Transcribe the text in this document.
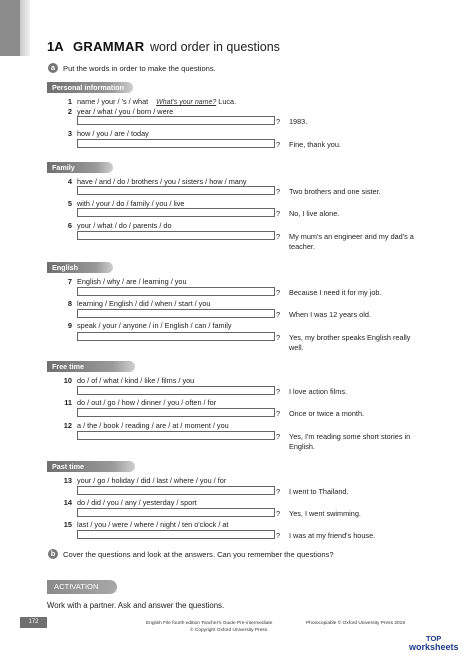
1A GRAMMAR word order in questions
a	Put the words in order to make the questions.
Personal information
1 name / your / 's / what What's your name? Luca.
2 year / what / you / born / were
? 1983.
3 how / you / are / today
? Fine, thank you.
Family
4 have / and / do / brothers / you / sisters / how / many
? Two brothers and one sister.
5 with / your / do / family / you / live
? No, I live alone.
6 your / what / do / parents / do
? My mum's an engineer and my dad's a teacher.
English
7 English / why / are / learning / you
? Because I need it for my job.
8 learning / English / did / when / start / you
? When I was 12 years old.
9 speak / your / anyone / in / English / can / family
? Yes, my brother speaks English really well.
Free time
10 do / of / what / kind / like / films / you
? I love action films.
11 do / out / go / how / dinner / you / often / for
? Once or twice a month.
12 a / the / book / reading / are / at / moment / you
? Yes, I'm reading some short stories in English.
Past time
13 your / go / holiday / did / last / where / you / for
? I went to Thailand.
14 do / did / you / any / yesterday / sport
? Yes, I went swimming.
15 last / you / were / where / night / ten o'clock / at
? I was at my friend's house.
b	Cover the questions and look at the answers. Can you remember the questions?
ACTIVATION
Work with a partner. Ask and answer the questions.
172	English File fourth edition Teacher's Guide Pre-intermediate	Photocopiable © Oxford University Press 2019
© Copyright Oxford University Press
TOP
worksheets
